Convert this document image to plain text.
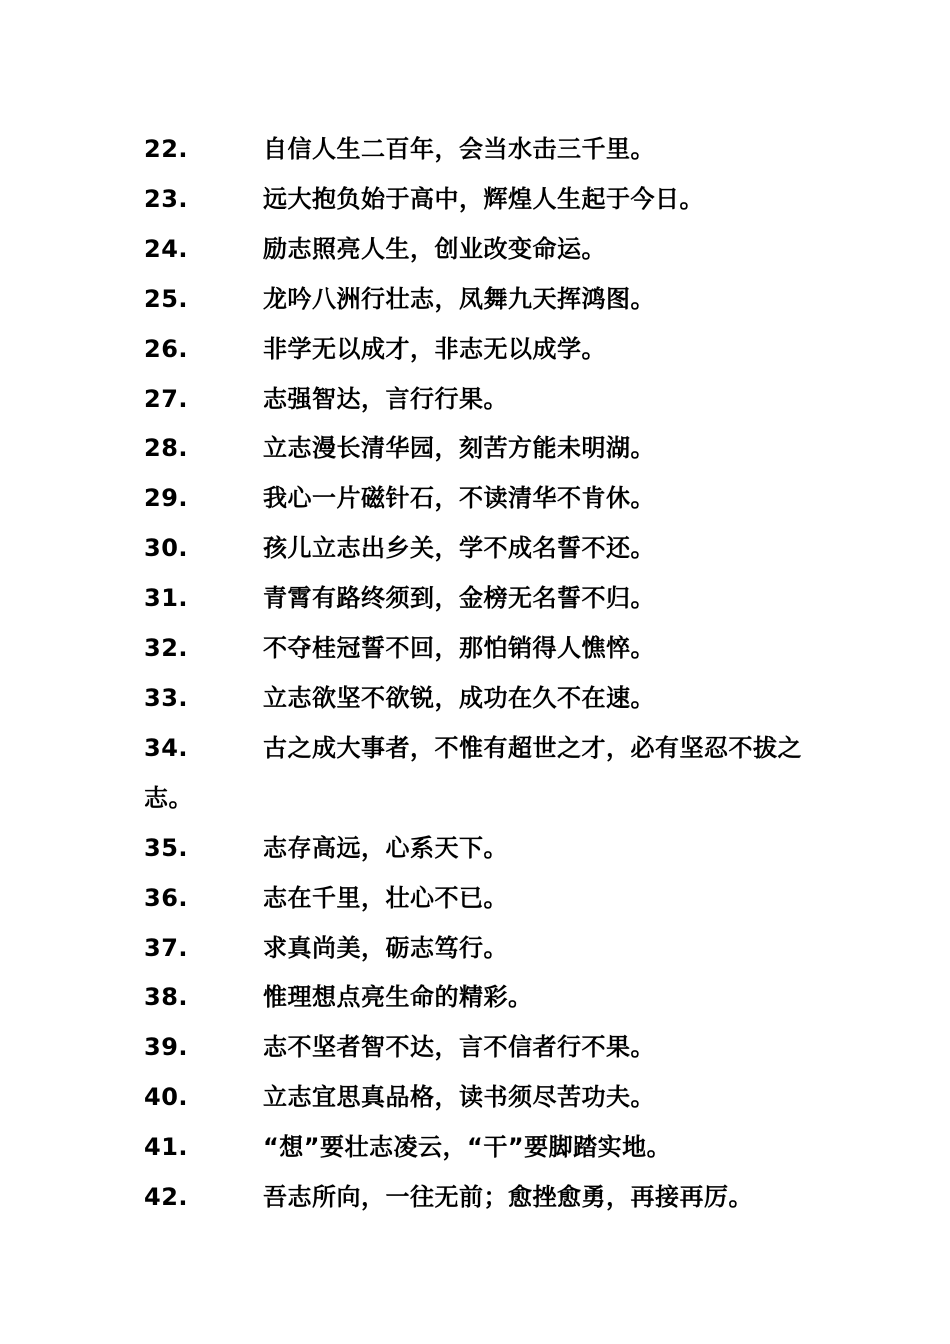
22.	自信人生二百年，会当水击三千里。
23.	远大抱负始于高中，辉煌人生起于今日。
24.	励志照亮人生，创业改变命运。
25.	龙吟八洲行壮志，凤舞九天挥鸿图。
26.	非学无以成才，非志无以成学。
27.	志强智达，言行行果。
28.	立志漫长清华园，刻苦方能未明湖。
29.	我心一片磁针石，不读清华不肯休。
30.	孩儿立志出乡关，学不成名誓不还。
31.	青霄有路终须到，金榜无名誓不归。
32.	不夺桂冠誓不回，那怕销得人憔悴。
33.	立志欲坚不欲锐，成功在久不在速。
34.	古之成大事者，不惟有超世之才，必有坚忍不拔之志。
35.	志存高远，心系天下。
36.	志在千里，壮心不已。
37.	求真尚美，砺志笃行。
38.	惟理想点亮生命的精彩。
39.	志不坚者智不达，言不信者行不果。
40.	立志宜思真品格，读书须尽苦功夫。
41.	“想”要壮志凌云，“干”要脚踏实地。
42.	吾志所向，一往无前；愈挫愈勇，再接再厉。
